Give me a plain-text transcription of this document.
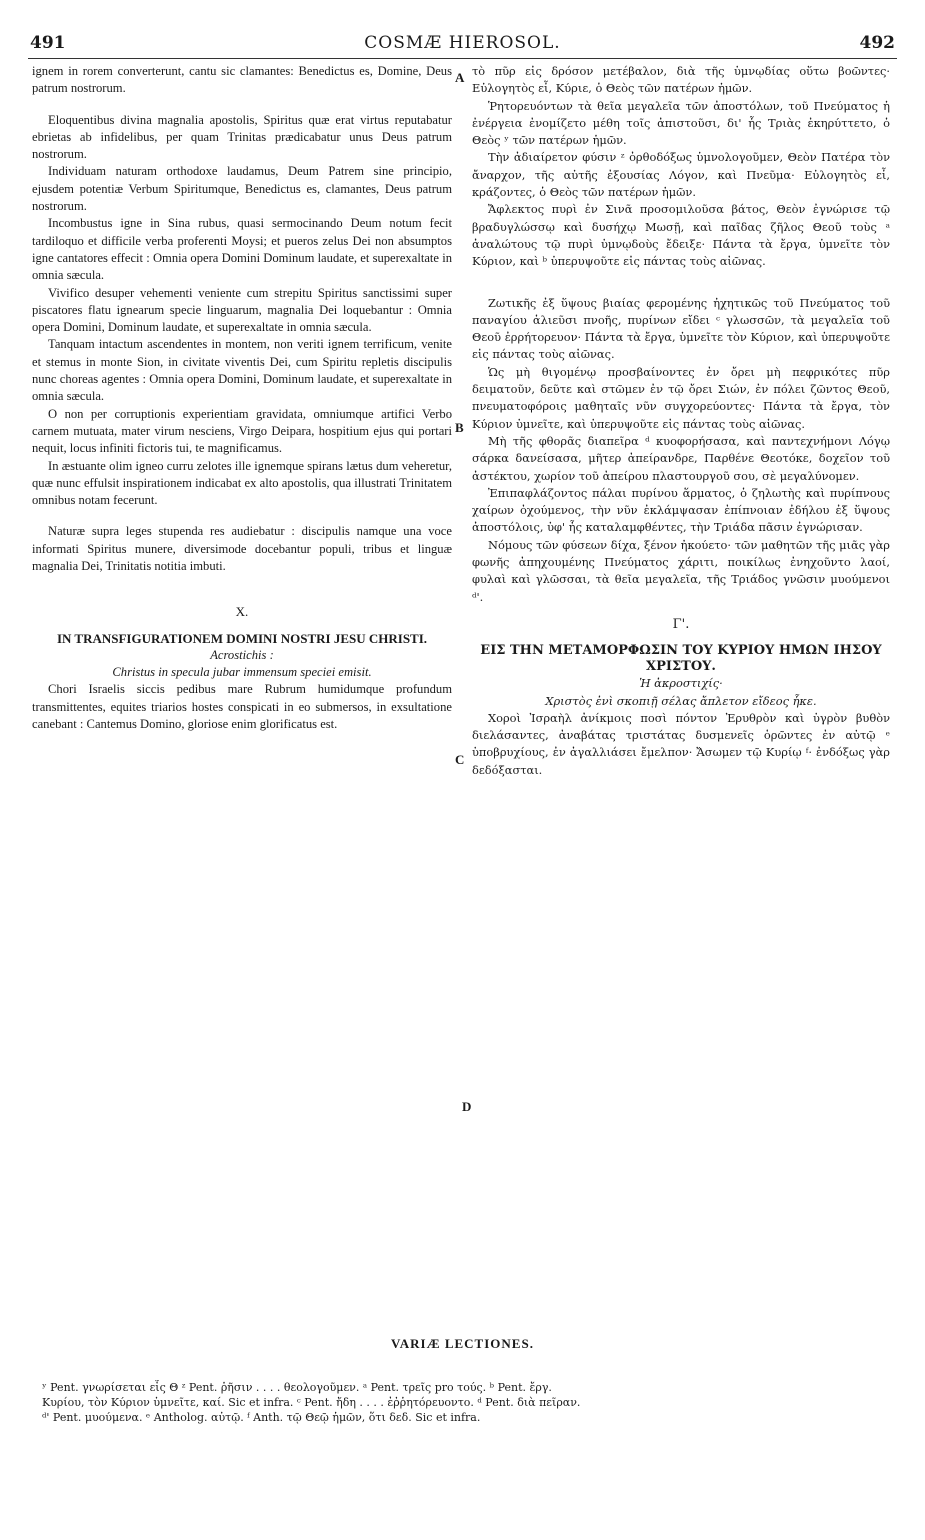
491	COSMÆ HIEROSOL.	492
A
B
C
D

ignem in rorem converterunt, cantu sic clamantes: Benedictus es, Domine, Deus patrum nostrorum.

Eloquentibus divina magnalia apostolis, Spiritus quæ erat virtus reputabatur ebrietas ab infidelibus, per quam Trinitas prædicabatur unus Deus patrum nostrorum.

Individuam naturam orthodoxe laudamus, Deum Patrem sine principio, ejusdem potentiæ Verbum Spiritumque, Benedictus es, clamantes, Deus patrum nostrorum.

Incombustus igne in Sina rubus, quasi sermocinando Deum notum fecit tardiloquo et difficile verba proferenti Moysi; et pueros zelus Dei non absumptos igne cantatores effecit : Omnia opera Domini Dominum laudate, et superexaltate in omnia sæcula.

Vivifico desuper vehementi veniente cum strepitu Spiritus sanctissimi super piscatores flatu ignearum specie linguarum, magnalia Dei loquebantur : Omnia opera Domini, Dominum laudate, et superexaltate in omnia sæcula.

Tanquam intactum ascendentes in montem, non veriti ignem terrificum, venite et stemus in monte Sion, in civitate viventis Dei, cum Spiritu repletis discipulis nunc choreas agentes : Omnia opera Domini, Dominum laudate, et superexaltate in omnia sæcula.

O non per corruptionis experientiam gravidata, omniumque artifici Verbo carnem mutuata, mater virum nesciens, Virgo Deipara, hospitium ejus qui portari nequit, locus infiniti fictoris tui, te magnificamus.

In æstuante olim igneo curru zelotes ille ignemque spirans lætus dum veheretur, quæ nunc effulsit inspirationem indicabat ex alto apostolis, qua illustrati Trinitatem omnibus notam fecerunt.

Naturæ supra leges stupenda res audiebatur : discipulis namque una voce informati Spiritus munere, diversimode docebantur populi, tribus et linguæ magnalia Dei, Trinitatis notitia imbuti.

X.

IN TRANSFIGURATIONEM DOMINI NOSTRI JESU CHRISTI.

Acrostichis :

Christus in specula jubar immensum speciei emisit.

Chori Israelis siccis pedibus mare Rubrum humidumque profundum transmittentes, equites triarios hostes conspicati in eo submersos, in exsultatione canebant : Cantemus Domino, gloriose enim glorificatus est.

τὸ πῦρ εἰς δρόσον μετέβαλον, διὰ τῆς ὑμνῳδίας οὕτω βοῶντες· Εὐλογητὸς εἶ, Κύριε, ὁ Θεὸς τῶν πατέρων ἡμῶν.

Ῥητορευόντων τὰ θεῖα μεγαλεῖα τῶν ἀποστόλων, τοῦ Πνεύματος ἡ ἐνέργεια ἐνομίζετο μέθη τοῖς ἀπιστοῦσι, δι' ἧς Τριὰς ἐκηρύττετο, ὁ Θεὸς ʸ τῶν πατέρων ἡμῶν.

Τὴν ἀδιαίρετον φύσιν ᶻ ὀρθοδόξως ὑμνολογοῦμεν, Θεὸν Πατέρα τὸν ἄναρχον, τῆς αὐτῆς ἐξουσίας Λόγον, καὶ Πνεῦμα· Εὐλογητὸς εἶ, κράζοντες, ὁ Θεὸς τῶν πατέρων ἡμῶν.

Ἄφλεκτος πυρὶ ἐν Σινᾶ προσομιλοῦσα βάτος, Θεὸν ἐγνώρισε τῷ βραδυγλώσσῳ καὶ δυσήχῳ Μωσῇ, καὶ παῖδας ζῆλος Θεοῦ τοὺς ᵃ ἀναλώτους τῷ πυρὶ ὑμνῳδοὺς ἔδειξε· Πάντα τὰ ἔργα, ὑμνεῖτε τὸν Κύριον, καὶ ᵇ ὑπερυψοῦτε εἰς πάντας τοὺς αἰῶνας.

Ζωτικῆς ἐξ ὕψους βιαίας φερομένης ἠχητικῶς τοῦ Πνεύματος τοῦ παναγίου ἁλιεῦσι πνοῆς, πυρίνων εἴδει ᶜ γλωσσῶν, τὰ μεγαλεῖα τοῦ Θεοῦ ἐρρήτορευον· Πάντα τὰ ἔργα, ὑμνεῖτε τὸν Κύριον, καὶ ὑπερυψοῦτε εἰς πάντας τοὺς αἰῶνας.

Ὡς μὴ θιγομένῳ προσβαίνοντες ἐν ὄρει μὴ πεφρικότες πῦρ δειματοῦν, δεῦτε καὶ στῶμεν ἐν τῷ ὄρει Σιών, ἐν πόλει ζῶντος Θεοῦ, πνευματοφόροις μαθηταῖς νῦν συγχορεύοντες· Πάντα τὰ ἔργα, τὸν Κύριον ὑμνεῖτε, καὶ ὑπερυψοῦτε εἰς πάντας τοὺς αἰῶνας.

Μὴ τῆς φθορᾶς διαπεῖρα ᵈ κυοφορήσασα, καὶ παντεχνήμονι Λόγῳ σάρκα δανείσασα, μῆτερ ἀπείρανδρε, Παρθένε Θεοτόκε, δοχεῖον τοῦ ἀστέκτου, χωρίον τοῦ ἀπείρου πλαστουργοῦ σου, σὲ μεγαλύνομεν.

Ἐπιπαφλάζοντος πάλαι πυρίνου ἅρματος, ὁ ζηλωτὴς καὶ πυρίπνους χαίρων ὀχούμενος, τὴν νῦν ἐκλάμψασαν ἐπίπνοιαν ἐδήλου ἐξ ὕψους ἀποστόλοις, ὑφ' ἧς καταλαμφθέντες, τὴν Τριάδα πᾶσιν ἐγνώρισαν.

Νόμους τῶν φύσεων δίχα, ξένον ἠκούετο· τῶν μαθητῶν τῆς μιᾶς γὰρ φωνῆς ἀπηχουμένης Πνεύματος χάριτι, ποικίλως ἐνηχοῦντο λαοί, φυλαὶ καὶ γλῶσσαι, τὰ θεῖα μεγαλεῖα, τῆς Τριάδος γνῶσιν μυούμενοι ᵈ'.

Γ'.

ΕΙΣ ΤΗΝ ΜΕΤΑΜΟΡΦΩΣΙΝ ΤΟΥ ΚΥΡΙΟΥ ΗΜΩΝ ΙΗΣΟΥ ΧΡΙΣΤΟΥ.

Ἡ ἀκροστιχίς·

Χριστὸς ἐνὶ σκοπιῇ σέλας ἄπλετον εἴδεος ἧκε.

Χοροὶ Ἰσραὴλ ἀνίκμοις ποσὶ πόντον Ἐρυθρὸν καὶ ὑγρὸν βυθὸν διελάσαντες, ἀναβάτας τριστάτας δυσμενεῖς ὁρῶντες ἐν αὐτῷ ᵉ ὑποβρυχίους, ἐν ἀγαλλιάσει ἔμελπον· Ἄσωμεν τῷ Κυρίῳ ᶠ· ἐνδόξως γὰρ δεδόξασται.

VARIÆ LECTIONES.
ʸ Pent. γνωρίσεται εἷς Θ ᶻ Pent. ῥῆσιν . . . . θεολογοῦμεν. ᵃ Pent. τρεῖς pro τούς. ᵇ Pent. ἔργ.
Κυρίου, τὸν Κύριον ὑμνεῖτε, καί. Sic et infra. ᶜ Pent. ἤδη . . . . ἐῤῥητόρευοντο. ᵈ Pent. διὰ πεῖραν.
ᵈ' Pent. μυούμενα. ᵉ Antholog. αὐτῷ. ᶠ Anth. τῷ Θεῷ ἡμῶν, ὅτι δεδ. Sic et infra.
